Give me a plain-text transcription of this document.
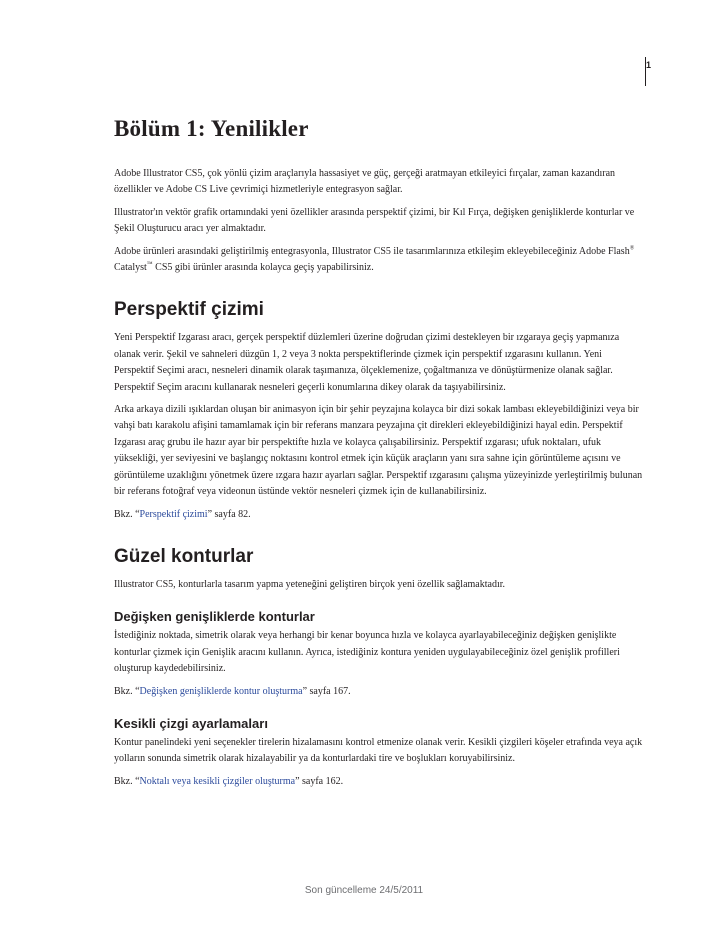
1
Bölüm 1: Yenilikler

Adobe Illustrator CS5, çok yönlü çizim araçlarıyla hassasiyet ve güç, gerçeği aratmayan etkileyici fırçalar, zaman kazandıran özellikler ve Adobe CS Live çevrimiçi hizmetleriyle entegrasyon sağlar.

Illustrator'ın vektör grafik ortamındaki yeni özellikler arasında perspektif çizimi, bir Kıl Fırça, değişken genişliklerde konturlar ve Şekil Oluşturucu aracı yer almaktadır.

Adobe ürünleri arasındaki geliştirilmiş entegrasyonla, Illustrator CS5 ile tasarımlarınıza etkileşim ekleyebileceğiniz Adobe Flash® Catalyst™ CS5 gibi ürünler arasında kolayca geçiş yapabilirsiniz.

Perspektif çizimi

Yeni Perspektif Izgarası aracı, gerçek perspektif düzlemleri üzerine doğrudan çizimi destekleyen bir ızgaraya geçiş yapmanıza olanak verir. Şekil ve sahneleri düzgün 1, 2 veya 3 nokta perspektiflerinde çizmek için perspektif ızgarasını kullanın. Yeni Perspektif Seçimi aracı, nesneleri dinamik olarak taşımanıza, ölçeklemenize, çoğaltmanıza ve dönüştürmenize olanak sağlar. Perspektif Seçim aracını kullanarak nesneleri geçerli konumlarına dikey olarak da taşıyabilirsiniz.

Arka arkaya dizili ışıklardan oluşan bir animasyon için bir şehir peyzajına kolayca bir dizi sokak lambası ekleyebildiğinizi veya bir vahşi batı karakolu afişini tamamlamak için bir referans manzara peyzajına çit direkleri ekleyebildiğinizi hayal edin. Perspektif Izgarası araç grubu ile hazır ayar bir perspektifte hızla ve kolayca çalışabilirsiniz. Perspektif ızgarası; ufuk noktaları, ufuk yüksekliği, yer seviyesini ve başlangıç noktasını kontrol etmek için küçük araçların yanı sıra sahne için görüntüleme açısını ve görüntüleme uzaklığını yönetmek üzere ızgara hazır ayarları sağlar. Perspektif ızgarasını çalışma yüzeyinizde yerleştirilmiş bulunan bir referans fotoğraf veya videonun üstünde vektör nesneleri çizmek için de kullanabilirsiniz.

Bkz. “Perspektif çizimi” sayfa 82.

Güzel konturlar

Illustrator CS5, konturlarla tasarım yapma yeteneğini geliştiren birçok yeni özellik sağlamaktadır.

Değişken genişliklerde konturlar

İstediğiniz noktada, simetrik olarak veya herhangi bir kenar boyunca hızla ve kolayca ayarlayabileceğiniz değişken genişlikte konturlar çizmek için Genişlik aracını kullanın. Ayrıca, istediğiniz kontura yeniden uygulayabileceğiniz özel genişlik profilleri oluşturup kaydedebilirsiniz.

Bkz. “Değişken genişliklerde kontur oluşturma” sayfa 167.

Kesikli çizgi ayarlamaları

Kontur panelindeki yeni seçenekler tirelerin hizalamasını kontrol etmenize olanak verir. Kesikli çizgileri köşeler etrafında veya açık yolların sonunda simetrik olarak hizalayabilir ya da konturlardaki tire ve boşlukları koruyabilirsiniz.

Bkz. “Noktalı veya kesikli çizgiler oluşturma” sayfa 162.

Son güncelleme 24/5/2011
